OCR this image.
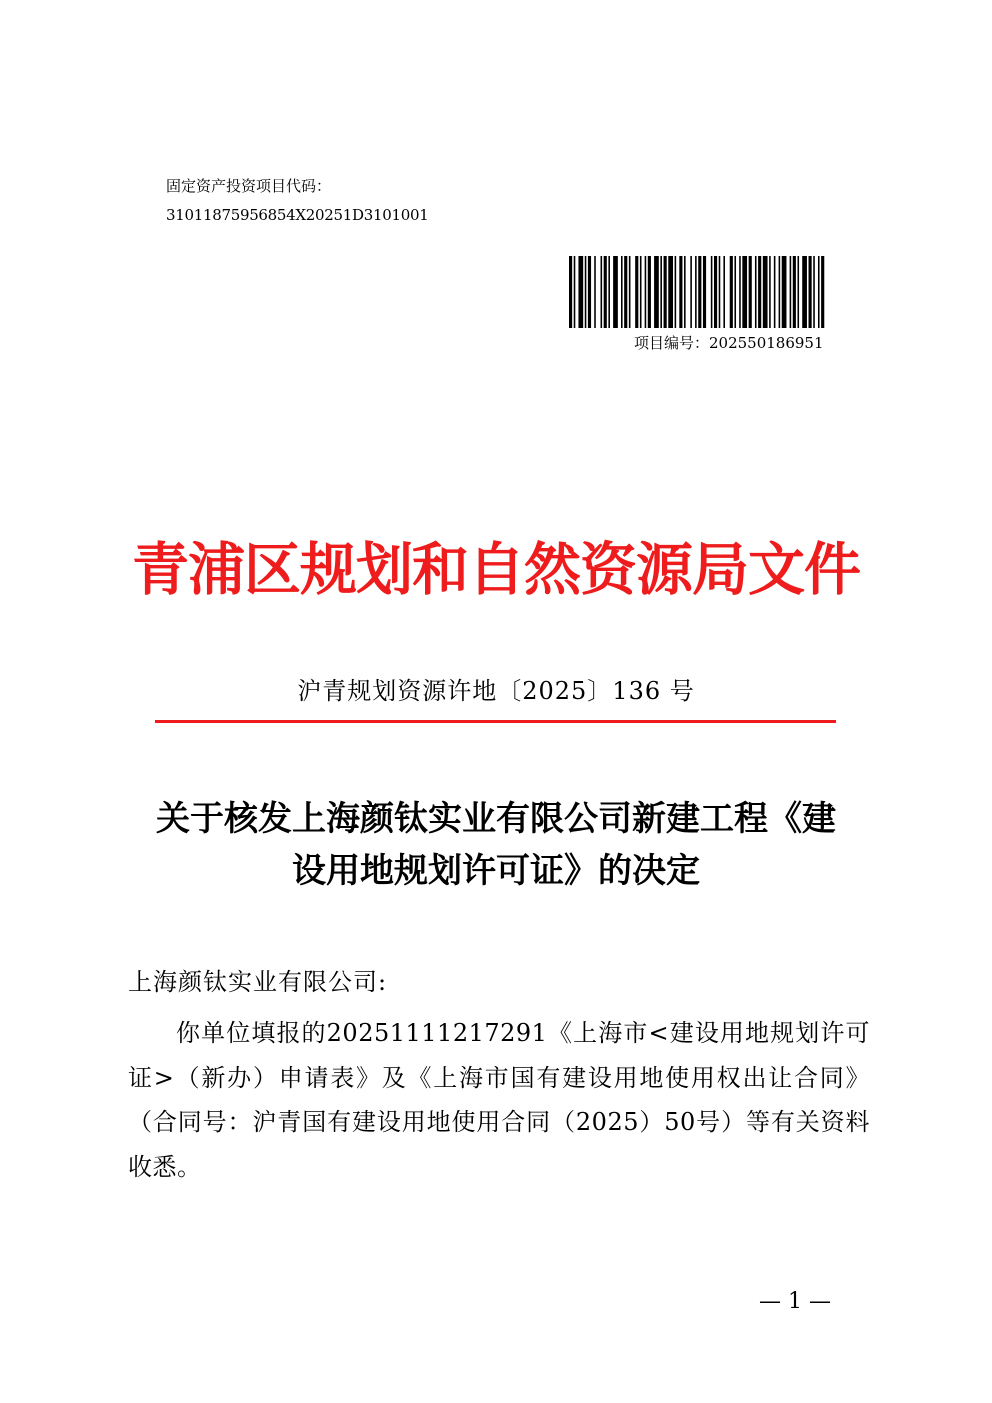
固定资产投资项目代码：
31011875956854X20251D3101001
项目编号：202550186951
青浦区规划和自然资源局文件
沪青规划资源许地〔2025〕136 号
关于核发上海颜钛实业有限公司新建工程《建
设用地规划许可证》的决定
上海颜钛实业有限公司:
你单位填报的20251111217291《上海市<建设用地规划许可证>（新办）申请表》及《上海市国有建设用地使用权出让合同》（合同号：沪青国有建设用地使用合同（2025）50号）等有关资料收悉。
— 1 —
